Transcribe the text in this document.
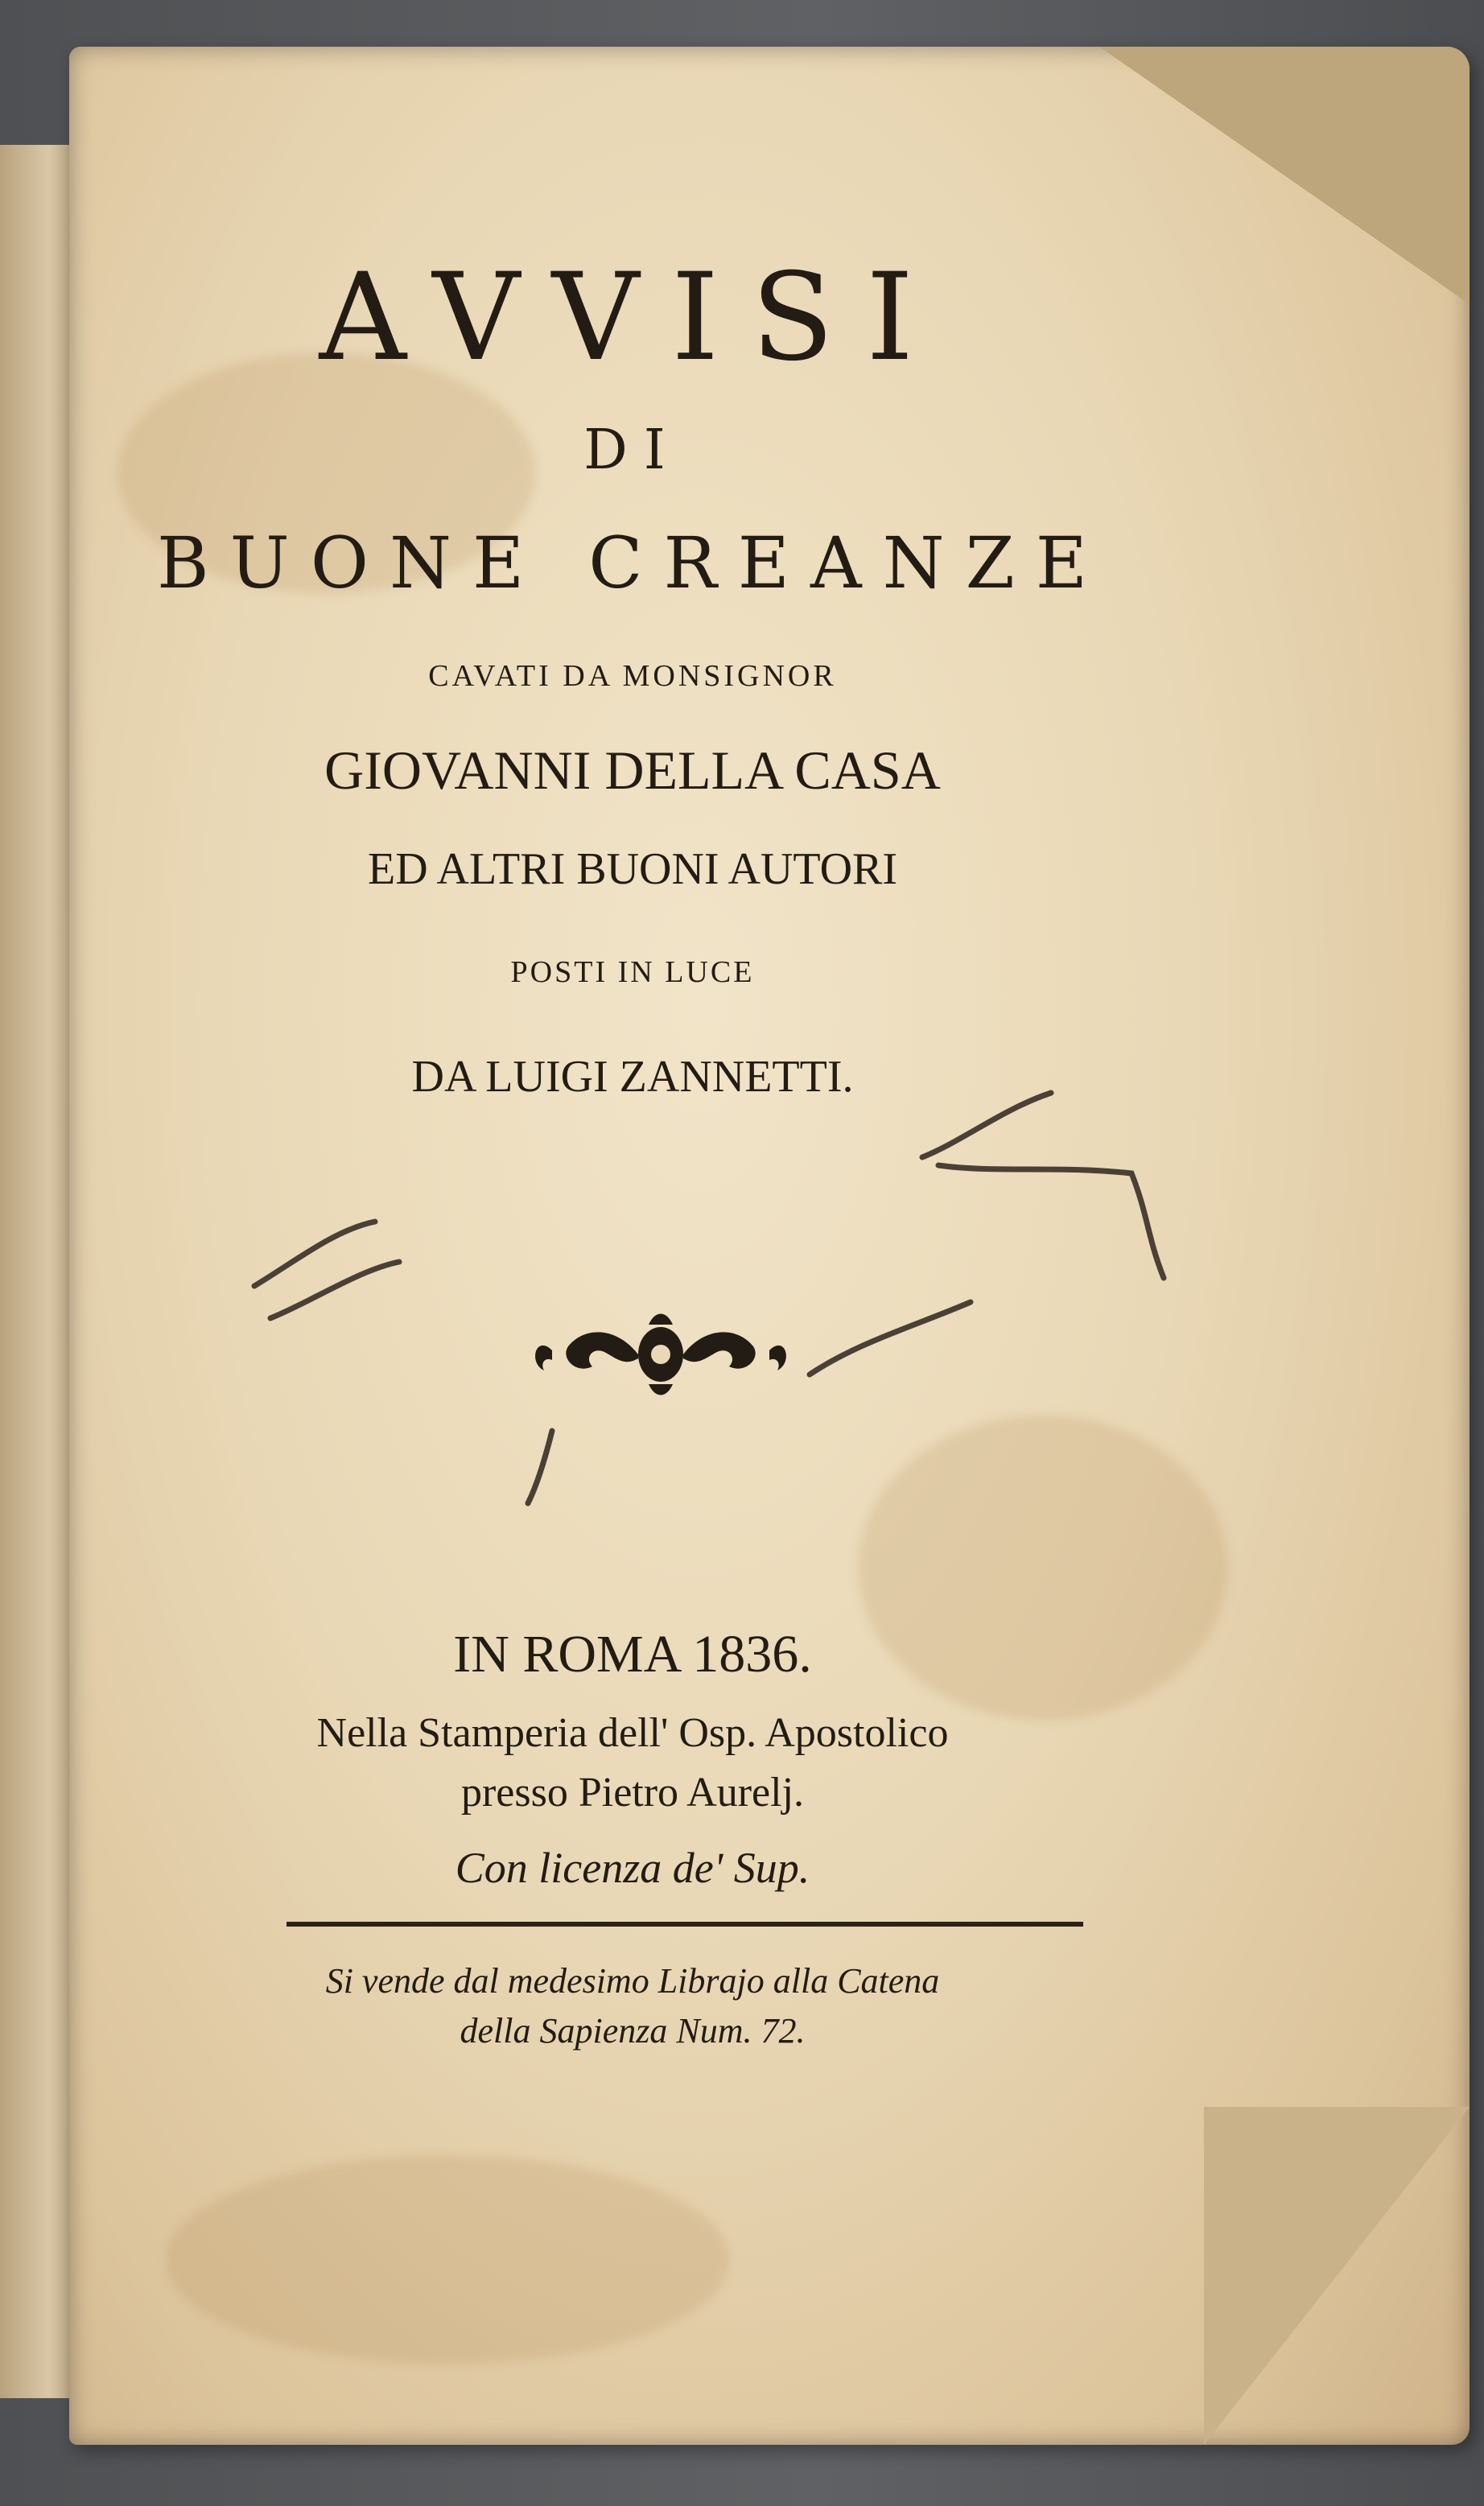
AVVISI
DI
BUONE CREANZE
CAVATI DA MONSIGNOR
GIOVANNI DELLA CASA
ED ALTRI BUONI AUTORI
POSTI IN LUCE
DA LUIGI ZANNETTI.
IN ROMA 1836.
Nella Stamperia dell' Osp. Apostolico
presso Pietro Aurelj.
Con licenza de' Sup.
Si vende dal medesimo Librajo alla Catena
della Sapienza Num. 72.
